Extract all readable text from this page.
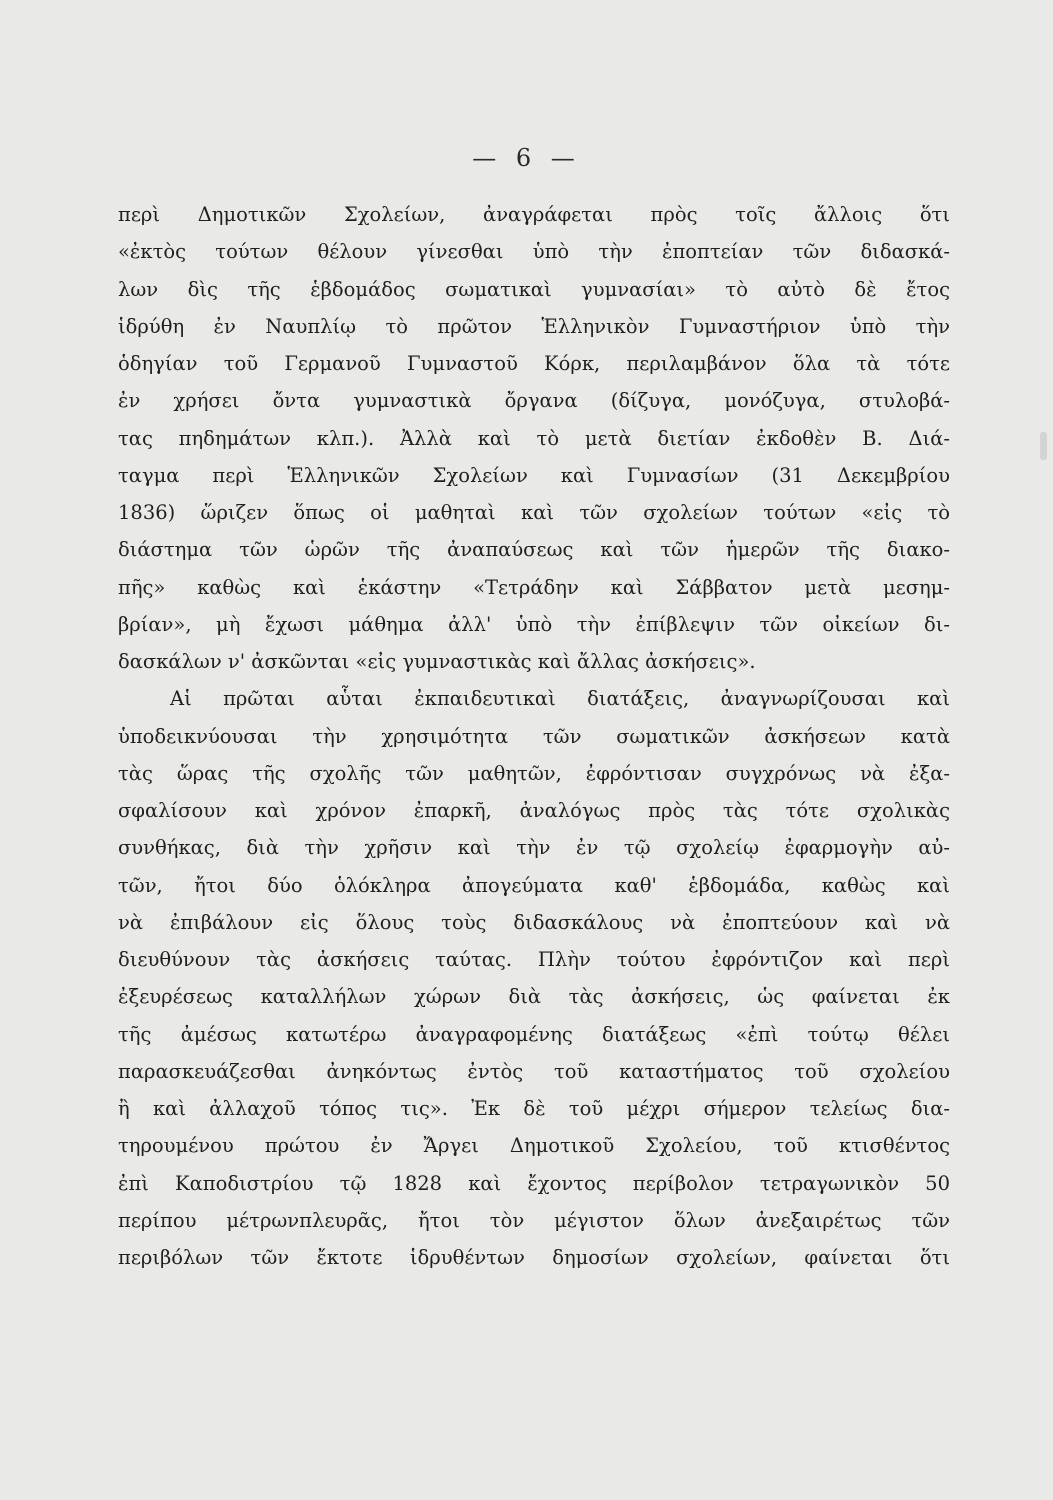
— 6 —
περὶ Δημοτικῶν Σχολείων, ἀναγράφεται πρὸς τοῖς ἄλλοις ὅτι
«ἐκτὸς τούτων θέλουν γίνεσθαι ὑπὸ τὴν ἐποπτείαν τῶν διδασκά-
λων δὶς τῆς ἑβδομάδος σωματικαὶ γυμνασίαι» τὸ αὐτὸ δὲ ἔτος
ἱδρύθη ἐν Ναυπλίῳ τὸ πρῶτον Ἑλληνικὸν Γυμναστήριον ὑπὸ τὴν
ὁδηγίαν τοῦ Γερμανοῦ Γυμναστοῦ Κόρκ, περιλαμβάνον ὅλα τὰ τότε
ἐν χρήσει ὄντα γυμναστικὰ ὄργανα (δίζυγα, μονόζυγα, στυλοβά-
τας πηδημάτων κλπ.). Ἀλλὰ καὶ τὸ μετὰ διετίαν ἐκδοθὲν Β. Διά-
ταγμα περὶ Ἑλληνικῶν Σχολείων καὶ Γυμνασίων (31 Δεκεμβρίου
1836) ὥριζεν ὅπως οἱ μαθηταὶ καὶ τῶν σχολείων τούτων «εἰς τὸ
διάστημα τῶν ὡρῶν τῆς ἀναπαύσεως καὶ τῶν ἡμερῶν τῆς διακο-
πῆς» καθὼς καὶ ἑκάστην «Τετράδην καὶ Σάββατον μετὰ μεσημ-
βρίαν», μὴ ἔχωσι μάθημα ἀλλ' ὑπὸ τὴν ἐπίβλεψιν τῶν οἰκείων δι-
δασκάλων ν' ἀσκῶνται «εἰς γυμναστικὰς καὶ ἄλλας ἀσκήσεις».
Αἱ πρῶται αὗται ἐκπαιδευτικαὶ διατάξεις, ἀναγνωρίζουσαι καὶ
ὑποδεικνύουσαι τὴν χρησιμότητα τῶν σωματικῶν ἀσκήσεων κατὰ
τὰς ὥρας τῆς σχολῆς τῶν μαθητῶν, ἐφρόντισαν συγχρόνως νὰ ἐξα-
σφαλίσουν καὶ χρόνον ἐπαρκῆ, ἀναλόγως πρὸς τὰς τότε σχολικὰς
συνθήκας, διὰ τὴν χρῆσιν καὶ τὴν ἐν τῷ σχολείῳ ἐφαρμογὴν αὐ-
τῶν, ἤτοι δύο ὁλόκληρα ἀπογεύματα καθ' ἑβδομάδα, καθὼς καὶ
νὰ ἐπιβάλουν εἰς ὅλους τοὺς διδασκάλους νὰ ἐποπτεύουν καὶ νὰ
διευθύνουν τὰς ἀσκήσεις ταύτας. Πλὴν τούτου ἐφρόντιζον καὶ περὶ
ἐξευρέσεως καταλλήλων χώρων διὰ τὰς ἀσκήσεις, ὡς φαίνεται ἐκ
τῆς ἀμέσως κατωτέρω ἀναγραφομένης διατάξεως «ἐπὶ τούτῳ θέλει
παρασκευάζεσθαι ἀνηκόντως ἐντὸς τοῦ καταστήματος τοῦ σχολείου
ἢ καὶ ἀλλαχοῦ τόπος τις». Ἐκ δὲ τοῦ μέχρι σήμερον τελείως δια-
τηρουμένου πρώτου ἐν Ἄργει Δημοτικοῦ Σχολείου, τοῦ κτισθέντος
ἐπὶ Καποδιστρίου τῷ 1828 καὶ ἔχοντος περίβολον τετραγωνικὸν 50
περίπου μέτρωνπλευρᾶς, ἤτοι τὸν μέγιστον ὅλων ἀνεξαιρέτως τῶν
περιβόλων τῶν ἔκτοτε ἱδρυθέντων δημοσίων σχολείων, φαίνεται ὅτι
